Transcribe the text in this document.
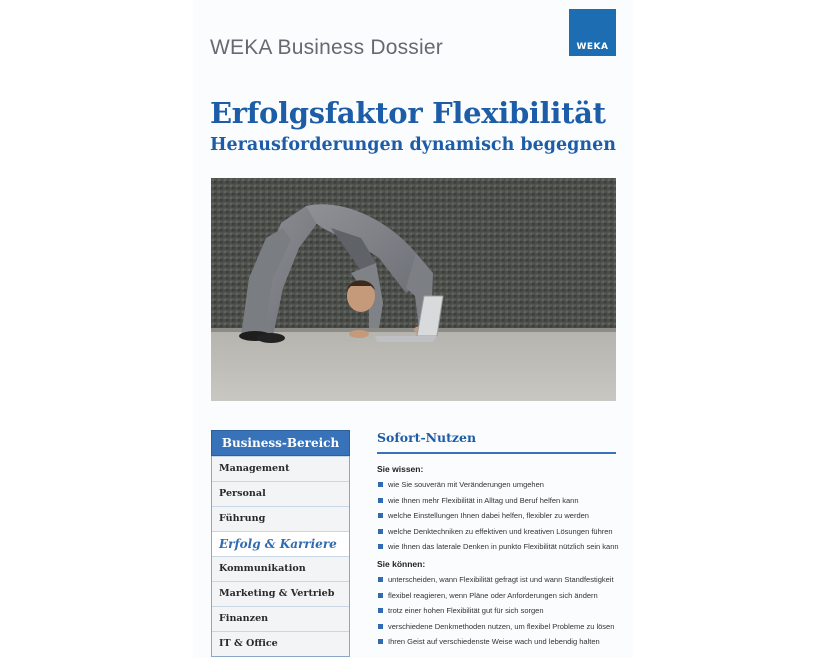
WEKA Business Dossier	WEKA
Erfolgsfaktor Flexibilität
Herausforderungen dynamisch begegnen
Business-Bereich
Management
Personal
Führung
Erfolg & Karriere
Kommunikation
Marketing & Vertrieb
Finanzen
IT & Office
Sofort-Nutzen
Sie wissen:
wie Sie souverän mit Veränderungen umgehen
wie Ihnen mehr Flexibilität in Alltag und Beruf helfen kann
welche Einstellungen Ihnen dabei helfen, flexibler zu werden
welche Denktechniken zu effektiven und kreativen Lösungen führen
wie Ihnen das laterale Denken in punkto Flexibilität nützlich sein kann
Sie können:
unterscheiden, wann Flexibilität gefragt ist und wann Standfestigkeit
flexibel reagieren, wenn Pläne oder Anforderungen sich ändern
trotz einer hohen Flexibilität gut für sich sorgen
verschiedene Denkmethoden nutzen, um flexibel Probleme zu lösen
Ihren Geist auf verschiedenste Weise wach und lebendig halten
